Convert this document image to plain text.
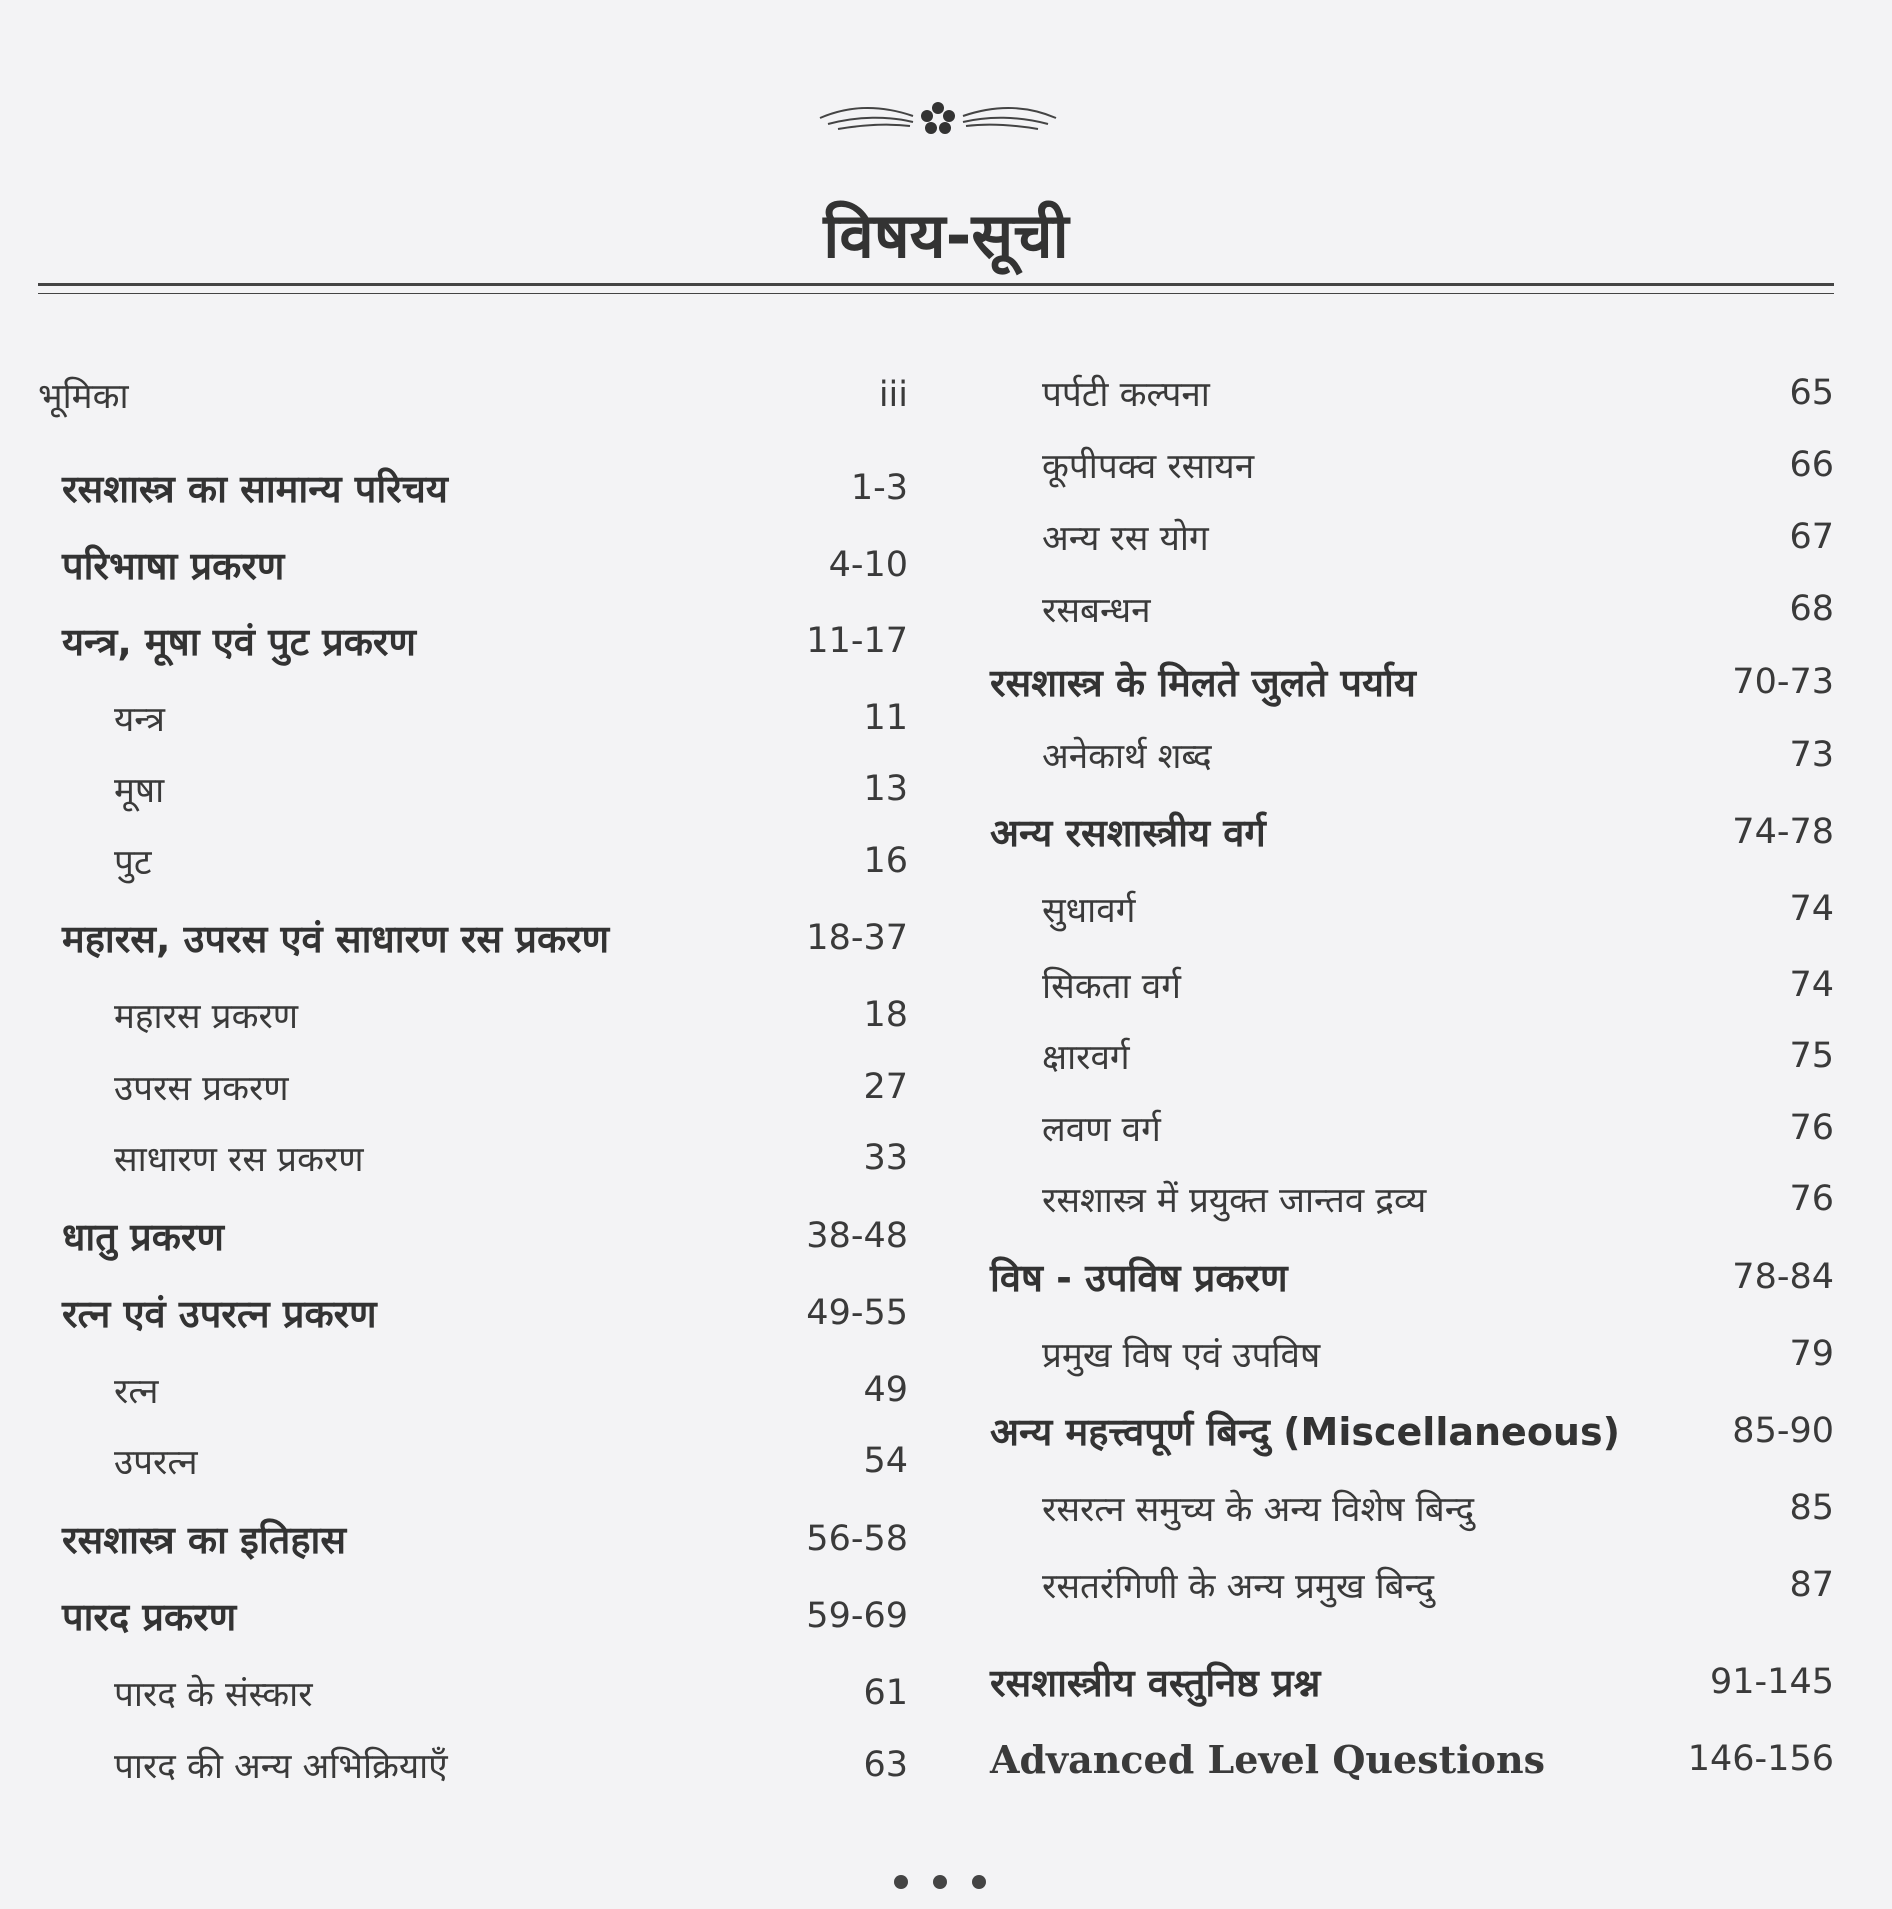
विषय-सूची
भूमिका	iii
रसशास्त्र का सामान्य परिचय	1-3
परिभाषा प्रकरण	4-10
यन्त्र, मूषा एवं पुट प्रकरण	11-17
यन्त्र	11
मूषा	13
पुट	16
महारस, उपरस एवं साधारण रस प्रकरण	18-37
महारस प्रकरण	18
उपरस प्रकरण	27
साधारण रस प्रकरण	33
धातु प्रकरण	38-48
रत्न एवं उपरत्न प्रकरण	49-55
रत्न	49
उपरत्न	54
रसशास्त्र का इतिहास	56-58
पारद प्रकरण	59-69
पारद के संस्कार	61
पारद की अन्य अभिक्रियाएँ	63
पर्पटी कल्पना	65
कूपीपक्व रसायन	66
अन्य रस योग	67
रसबन्धन	68
रसशास्त्र के मिलते जुलते पर्याय	70-73
अनेकार्थ शब्द	73
अन्य रसशास्त्रीय वर्ग	74-78
सुधावर्ग	74
सिकता वर्ग	74
क्षारवर्ग	75
लवण वर्ग	76
रसशास्त्र में प्रयुक्त जान्तव द्रव्य	76
विष - उपविष प्रकरण	78-84
प्रमुख विष एवं उपविष	79
अन्य महत्त्वपूर्ण बिन्दु (Miscellaneous)	85-90
रसरत्न समुच्य के अन्य विशेष बिन्दु	85
रसतरंगिणी के अन्य प्रमुख बिन्दु	87
रसशास्त्रीय वस्तुनिष्ठ प्रश्न	91-145
Advanced Level Questions	146-156
